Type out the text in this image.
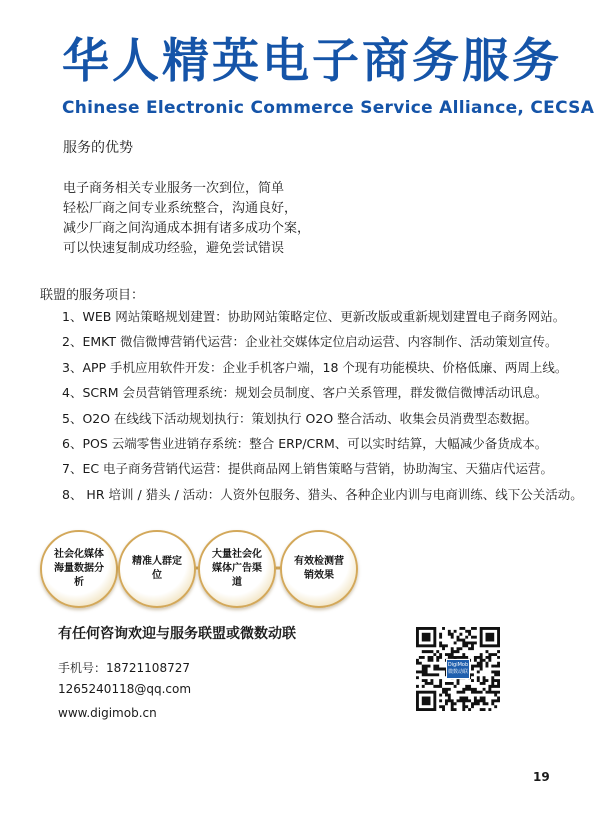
华人精英电子商务服务
Chinese Electronic Commerce Service Alliance, CECSA
服务的优势
电子商务相关专业服务一次到位，简单
轻松厂商之间专业系统整合，沟通良好，
减少厂商之间沟通成本拥有诸多成功个案，
可以快速复制成功经验，避免尝试错误
联盟的服务项目：
1、WEB 网站策略规划建置：协助网站策略定位、更新改版或重新规划建置电子商务网站。
2、EMKT 微信微博营销代运营：企业社交媒体定位启动运营、内容制作、活动策划宣传。
3、APP 手机应用软件开发：企业手机客户端，18 个现有功能模块、价格低廉、两周上线。
4、SCRM 会员营销管理系统：规划会员制度、客户关系管理，群发微信微博活动讯息。
5、O2O 在线线下活动规划执行：策划执行 O2O 整合活动、收集会员消费型态数据。
6、POS 云端零售业进销存系统：整合 ERP/CRM、可以实时结算，大幅减少备货成本。
7、EC 电子商务营销代运营：提供商品网上销售策略与营销，协助淘宝、天猫店代运营。
8、 HR 培训 / 猎头 / 活动：人资外包服务、猎头、各种企业内训与电商训练、线下公关活动。
社会化媒体海量数据分析
精准人群定位
大量社会化媒体广告渠道
有效检测营销效果
有任何咨询欢迎与服务联盟或微数动联
手机号：18721108727
1265240118@qq.com
www.digimob.cn
DigiMob
微数动联
19
